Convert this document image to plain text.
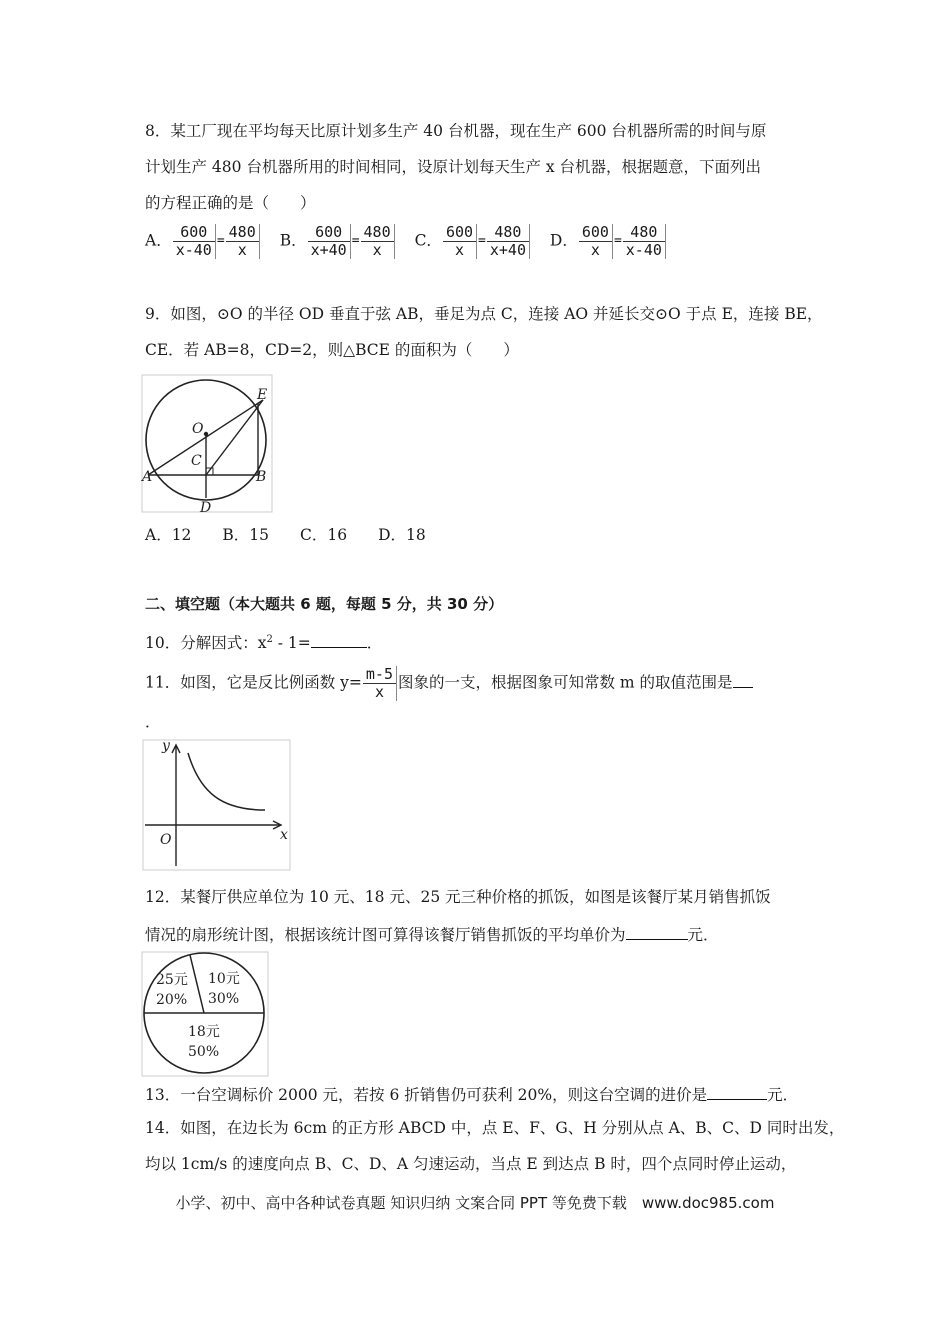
8．某工厂现在平均每天比原计划多生产 40 台机器，现在生产 600 台机器所需的时间与原
计划生产 480 台机器所用的时间相同，设原计划每天生产 x 台机器，根据题意，下面列出
的方程正确的是（　　）
A． $\frac{600}{x-40} = \frac{480}{x}$ B． $\frac{600}{x+40} = \frac{480}{x}$ C． $\frac{600}{x} = \frac{480}{x+40}$ D． $\frac{600}{x} = \frac{480}{x-40}$
9．如图，⊙O 的半径 OD 垂直于弦 AB，垂足为点 C，连接 AO 并延长交⊙O 于点 E，连接 BE，
CE．若 AB=8，CD=2，则△BCE 的面积为（　　）
E
O
C
A	B
D
A．12　　B．15　　C．16　　D．18
二、填空题（本大题共 6 题，每题 5 分，共 30 分）
10．分解因式：$x^2 - 1=$	．
11．如图，它是反比例函数 $y= \frac{m-5}{x}$ 图象的一支，根据图象可知常数 m 的取值范围是
．
y
x
O
12．某餐厅供应单位为 10 元、18 元、25 元三种价格的抓饭，如图是该餐厅某月销售抓饭
情况的扇形统计图，根据该统计图可算得该餐厅销售抓饭的平均单价为	元．
25元
20%
10元
30%
18元
50%
13．一台空调标价 2000 元，若按 6 折销售仍可获利 20%，则这台空调的进价是	元．
14．如图，在边长为 6cm 的正方形 ABCD 中，点 E、F、G、H 分别从点 A、B、C、D 同时出发，
均以 1cm/s 的速度向点 B、C、D、A 匀速运动，当点 E 到达点 B 时，四个点同时停止运动，
小学、初中、高中各种试卷真题 知识归纳 文案合同 PPT 等免费下载　www.doc985.com
